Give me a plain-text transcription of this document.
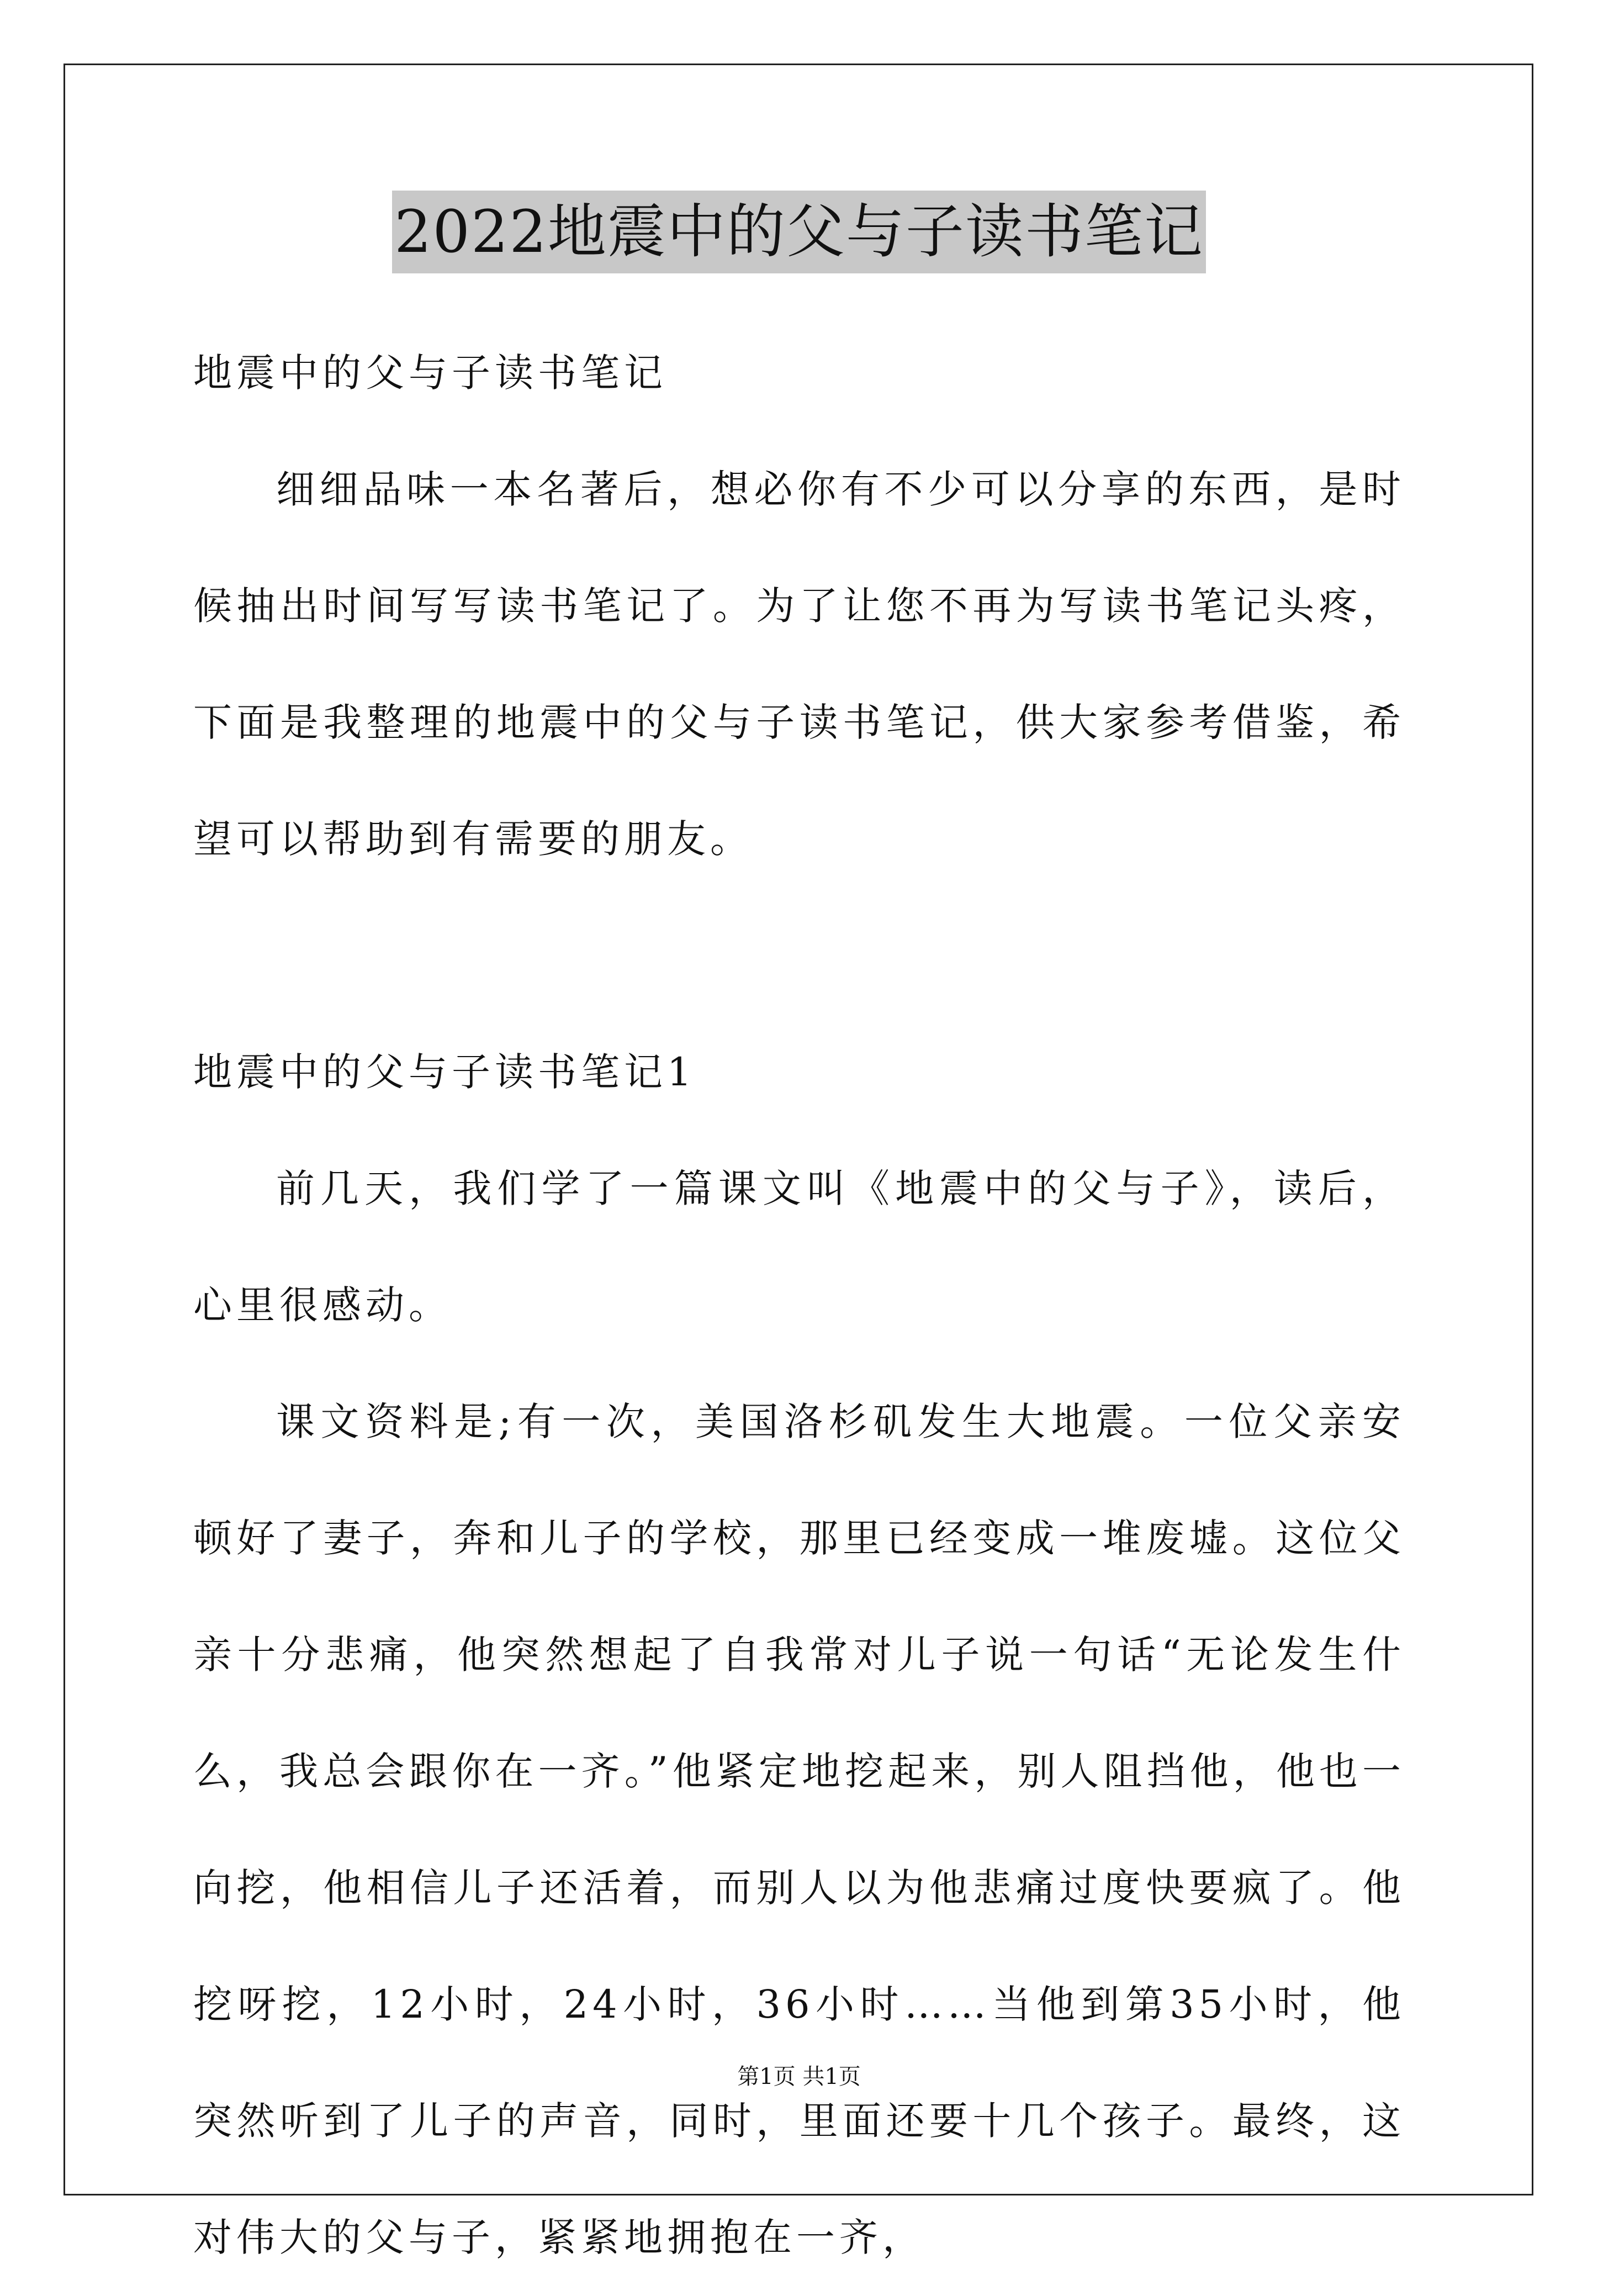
2022地震中的父与子读书笔记

地震中的父与子读书笔记

细细品味一本名著后，想必你有不少可以分享的东西，是时候抽出时间写写读书笔记了。为了让您不再为写读书笔记头疼，下面是我整理的地震中的父与子读书笔记，供大家参考借鉴，希望可以帮助到有需要的朋友。

地震中的父与子读书笔记1

前几天，我们学了一篇课文叫《地震中的父与子》，读后，心里很感动。

课文资料是;有一次，美国洛杉矶发生大地震。一位父亲安顿好了妻子，奔和儿子的学校，那里已经变成一堆废墟。这位父亲十分悲痛，他突然想起了自我常对儿子说一句话“无论发生什么，我总会跟你在一齐。”他紧定地挖起来，别人阻挡他，他也一向挖，他相信儿子还活着，而别人以为他悲痛过度快要疯了。他挖呀挖，12小时，24小时，36小时……当他到第35小时，他突然听到了儿子的声音，同时，里面还要十几个孩子。最终，这对伟大的父与子，紧紧地拥抱在一齐，

第1页 共1页
